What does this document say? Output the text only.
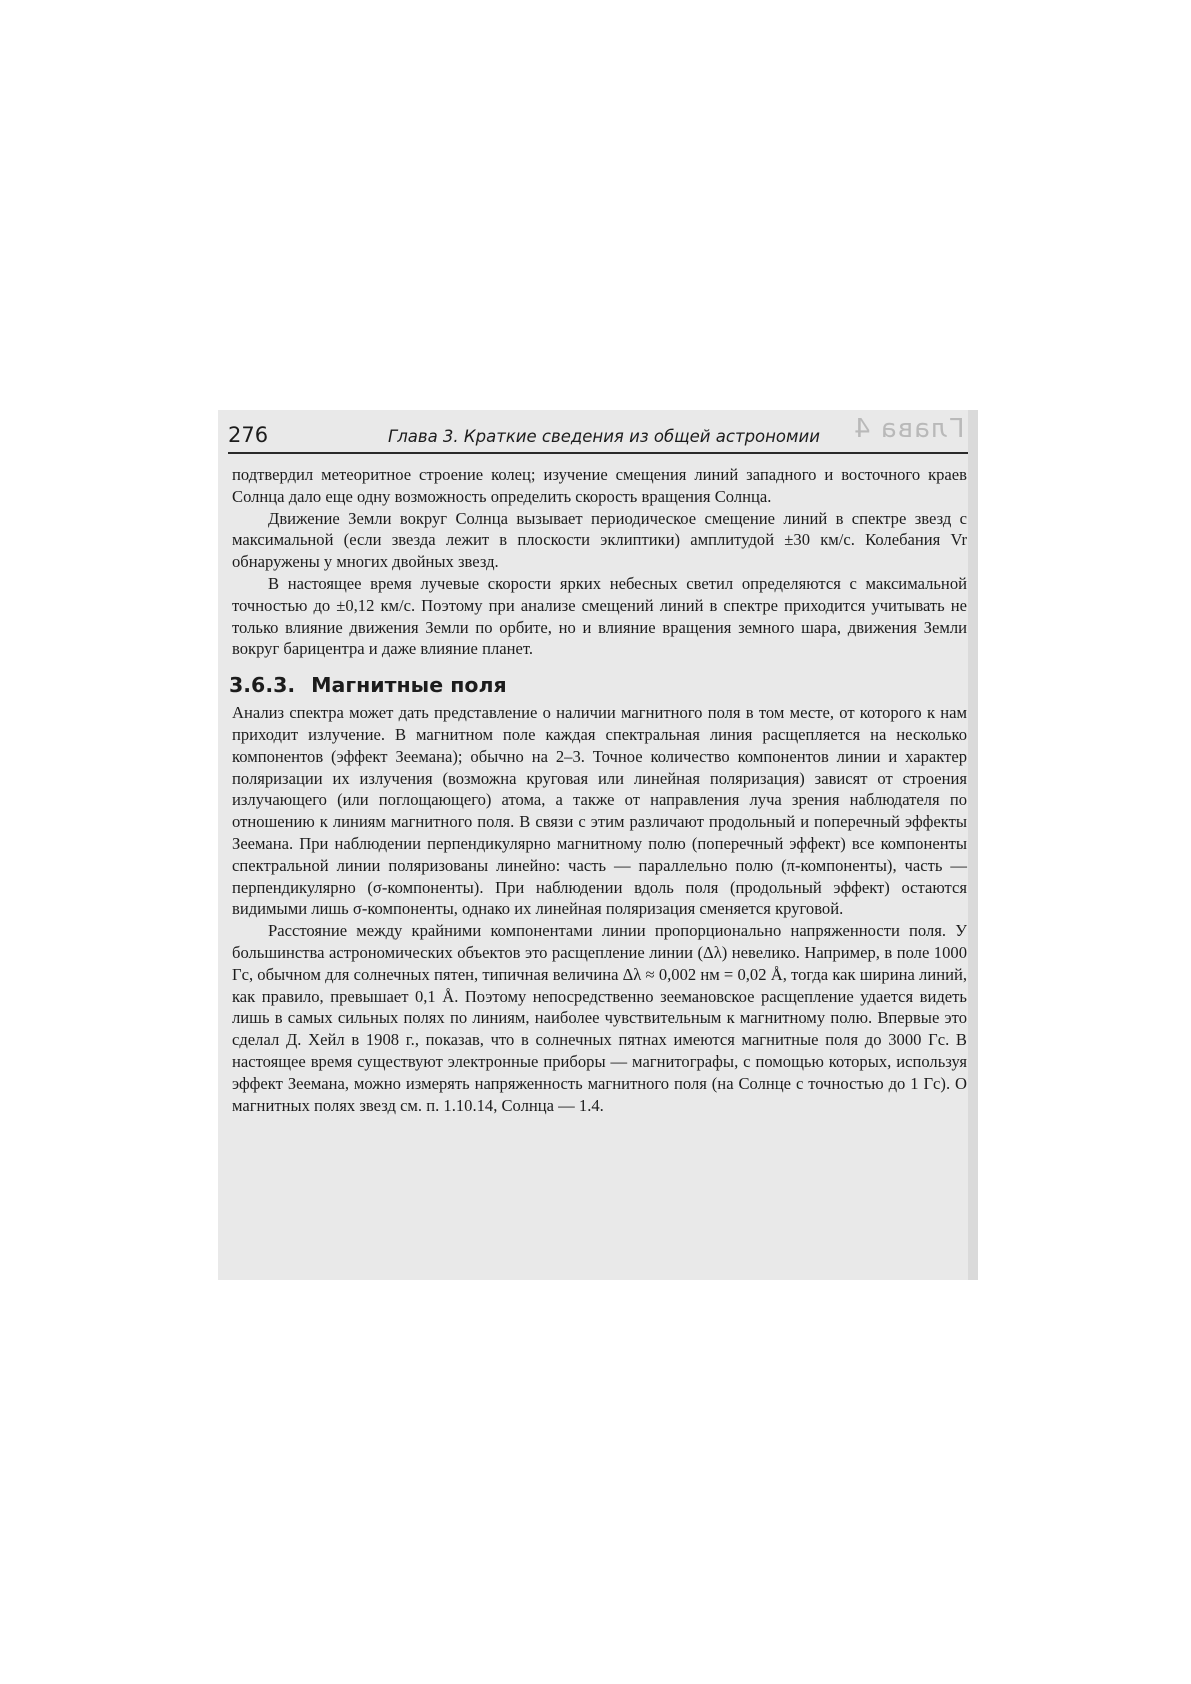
Глава 4
276	Глава 3. Краткие сведения из общей астрономии

подтвердил метеоритное строение колец; изучение смещения линий западного и восточного краев Солнца дало еще одну возможность определить скорость вращения Солнца.

Движение Земли вокруг Солнца вызывает периодическое смещение линий в спектре звезд с максимальной (если звезда лежит в плоскости эклиптики) амплитудой ±30 км/с. Колебания Vr обнаружены у многих двойных звезд.

В настоящее время лучевые скорости ярких небесных светил определяются с максимальной точностью до ±0,12 км/с. Поэтому при анализе смещений линий в спектре приходится учитывать не только влияние движения Земли по орбите, но и влияние вращения земного шара, движения Земли вокруг барицентра и даже влияние планет.

3.6.3. Магнитные поля

Анализ спектра может дать представление о наличии магнитного поля в том месте, от которого к нам приходит излучение. В магнитном поле каждая спектральная линия расщепляется на несколько компонентов (эффект Зеемана); обычно на 2–3. Точное количество компонентов линии и характер поляризации их излучения (возможна круговая или линейная поляризация) зависят от строения излучающего (или поглощающего) атома, а также от направления луча зрения наблюдателя по отношению к линиям магнитного поля. В связи с этим различают продольный и поперечный эффекты Зеемана. При наблюдении перпендикулярно магнитному полю (поперечный эффект) все компоненты спектральной линии поляризованы линейно: часть — параллельно полю (π-компоненты), часть — перпендикулярно (σ-компоненты). При наблюдении вдоль поля (продольный эффект) остаются видимыми лишь σ-компоненты, однако их линейная поляризация сменяется круговой.

Расстояние между крайними компонентами линии пропорционально напряженности поля. У большинства астрономических объектов это расщепление линии (Δλ) невелико. Например, в поле 1000 Гс, обычном для солнечных пятен, типичная величина Δλ ≈ 0,002 нм = 0,02 Å, тогда как ширина линий, как правило, превышает 0,1 Å. Поэтому непосредственно зеемановское расщепление удается видеть лишь в самых сильных полях по линиям, наиболее чувствительным к магнитному полю. Впервые это сделал Д. Хейл в 1908 г., показав, что в солнечных пятнах имеются магнитные поля до 3000 Гс. В настоящее время существуют электронные приборы — магнитографы, с помощью которых, используя эффект Зеемана, можно измерять напряженность магнитного поля (на Солнце с точностью до 1 Гс). О магнитных полях звезд см. п. 1.10.14, Солнца — 1.4.
